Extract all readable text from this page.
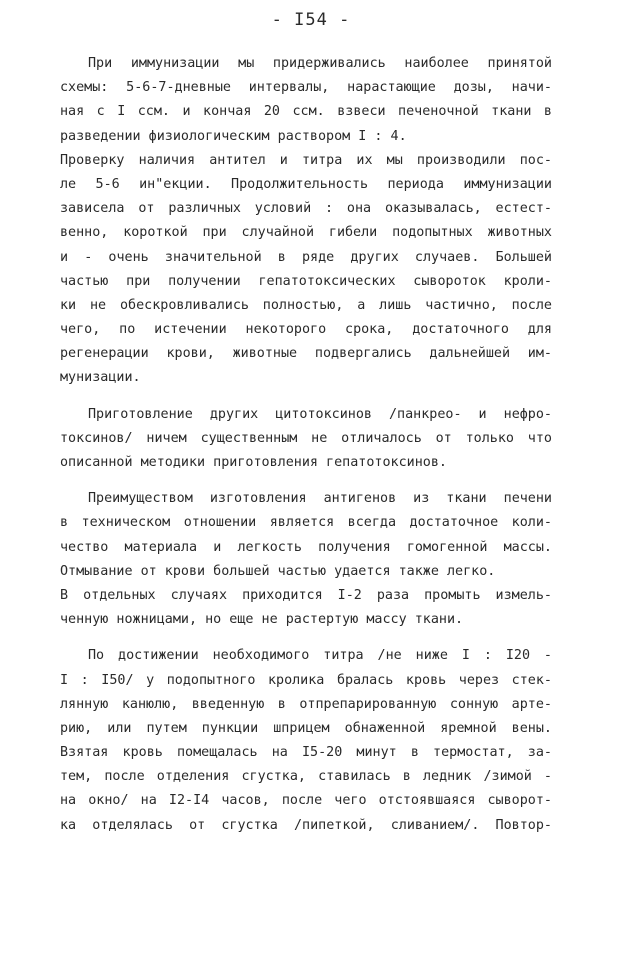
- I54 -
При иммунизации мы придерживались наиболее принятой
схемы: 5-6-7-дневные интервалы, нарастающие дозы, начи-
ная с I ссм. и кончая 20 ссм. взвеси печеночной ткани в
разведении физиологическим раствором I : 4.
Проверку наличия антител и титра их мы производили пос-
ле 5-6 ин"екции. Продолжительность периода иммунизации
зависела от различных условий : она оказывалась, естест-
венно, короткой при случайной гибели подопытных животных
и - очень значительной в ряде других случаев. Большей
частью при получении гепатотоксических сывороток кроли-
ки не обескровливались полностью, а лишь частично, после
чего, по истечении некоторого срока, достаточного для
регенерации крови, животные подвергались дальнейшей им-
мунизации.
Приготовление других цитотоксинов /панкрео- и нефро-
токсинов/ ничем существенным не отличалось от только что
описанной методики приготовления гепатотоксинов.
Преимуществом изготовления антигенов из ткани печени
в техническом отношении является всегда достаточное коли-
чество материала и легкость получения гомогенной массы.
Отмывание от крови большей частью удается также легко.
В отдельных случаях приходится I-2 раза промыть измель-
ченную ножницами, но еще не растертую массу ткани.
По достижении необходимого титра /не ниже I : I20 -
I : I50/ у подопытного кролика бралась кровь через стек-
лянную канюлю, введенную в отпрепарированную сонную арте-
рию, или путем пункции шприцем обнаженной яремной вены.
Взятая кровь помещалась на I5-20 минут в термостат, за-
тем, после отделения сгустка, ставилась в ледник /зимой -
на окно/ на I2-I4 часов, после чего отстоявшаяся сыворот-
ка отделялась от сгустка /пипеткой, сливанием/. Повтор-
